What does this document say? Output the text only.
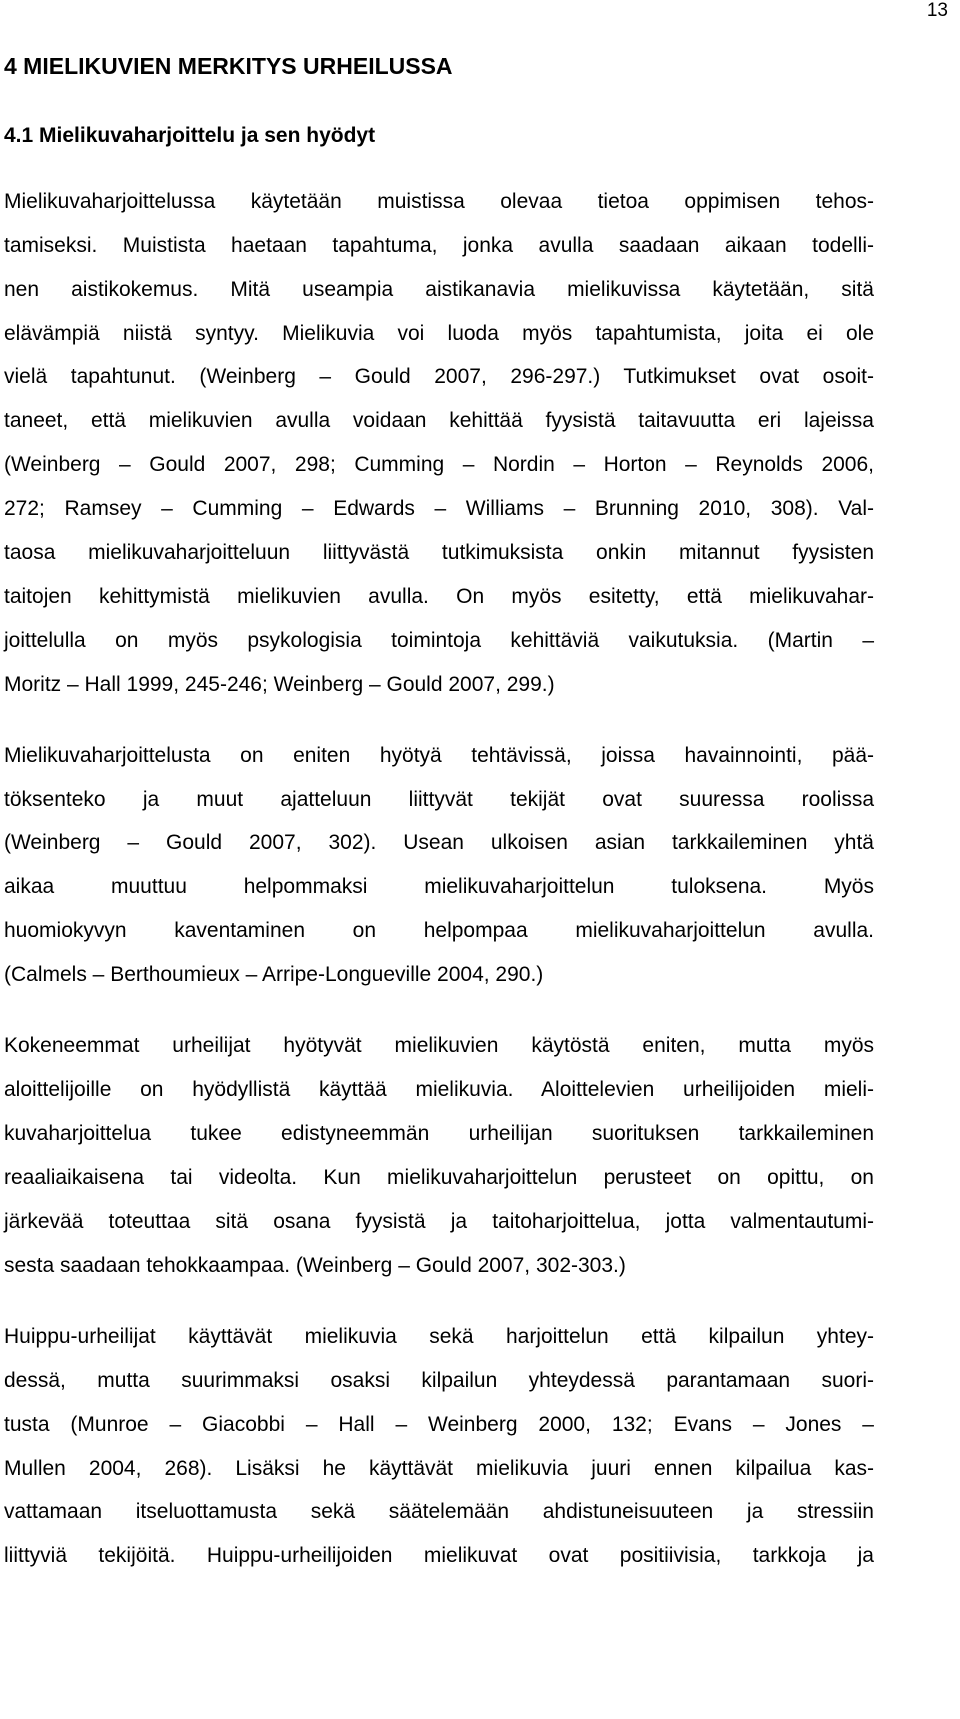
13
4 MIELIKUVIEN MERKITYS URHEILUSSA
4.1 Mielikuvaharjoittelu ja sen hyödyt
Mielikuvaharjoittelussa käytetään muistissa olevaa tietoa oppimisen tehos-
tamiseksi. Muistista haetaan tapahtuma, jonka avulla saadaan aikaan todelli-
nen aistikokemus. Mitä useampia aistikanavia mielikuvissa käytetään, sitä
elävämpiä niistä syntyy. Mielikuvia voi luoda myös tapahtumista, joita ei ole
vielä tapahtunut. (Weinberg – Gould 2007, 296-297.) Tutkimukset ovat osoit-
taneet, että mielikuvien avulla voidaan kehittää fyysistä taitavuutta eri lajeissa
(Weinberg – Gould 2007, 298; Cumming – Nordin – Horton – Reynolds 2006,
272; Ramsey – Cumming – Edwards – Williams – Brunning 2010, 308). Val-
taosa mielikuvaharjoitteluun liittyvästä tutkimuksista onkin mitannut fyysisten
taitojen kehittymistä mielikuvien avulla. On myös esitetty, että mielikuvahar-
joittelulla on myös psykologisia toimintoja kehittäviä vaikutuksia. (Martin –
Moritz – Hall 1999, 245-246; Weinberg – Gould 2007, 299.)
Mielikuvaharjoittelusta on eniten hyötyä tehtävissä, joissa havainnointi, pää-
töksenteko ja muut ajatteluun liittyvät tekijät ovat suuressa roolissa
(Weinberg – Gould 2007, 302). Usean ulkoisen asian tarkkaileminen yhtä
aikaa muuttuu helpommaksi mielikuvaharjoittelun tuloksena. Myös
huomiokyvyn kaventaminen on helpompaa mielikuvaharjoittelun avulla.
(Calmels – Berthoumieux – Arripe-Longueville 2004, 290.)
Kokeneemmat urheilijat hyötyvät mielikuvien käytöstä eniten, mutta myös
aloittelijoille on hyödyllistä käyttää mielikuvia. Aloittelevien urheilijoiden mieli-
kuvaharjoittelua tukee edistyneemmän urheilijan suorituksen tarkkaileminen
reaaliaikaisena tai videolta. Kun mielikuvaharjoittelun perusteet on opittu, on
järkevää toteuttaa sitä osana fyysistä ja taitoharjoittelua, jotta valmentautumi-
sesta saadaan tehokkaampaa. (Weinberg – Gould 2007, 302-303.)
Huippu-urheilijat käyttävät mielikuvia sekä harjoittelun että kilpailun yhtey-
dessä, mutta suurimmaksi osaksi kilpailun yhteydessä parantamaan suori-
tusta (Munroe – Giacobbi – Hall – Weinberg 2000, 132; Evans – Jones –
Mullen 2004, 268). Lisäksi he käyttävät mielikuvia juuri ennen kilpailua kas-
vattamaan itseluottamusta sekä säätelemään ahdistuneisuuteen ja stressiin
liittyviä tekijöitä. Huippu-urheilijoiden mielikuvat ovat positiivisia, tarkkoja ja
